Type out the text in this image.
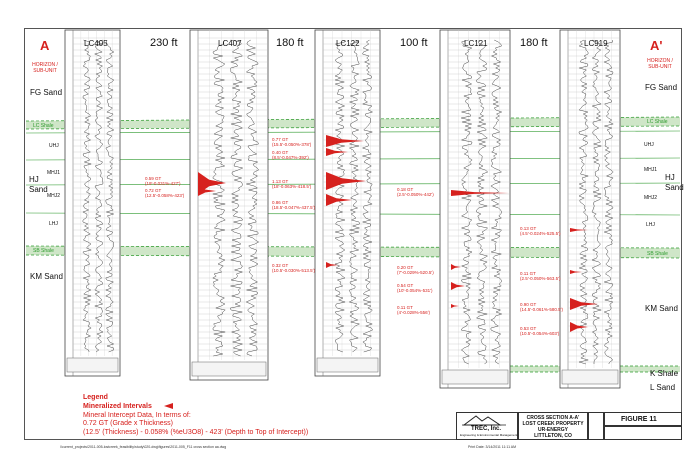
A	A'
HORIZON / SUB-UNIT
HORIZON / SUB-UNIT
LC405	LC407	LC122	LC121	LC919
230 ft	180 ft	100 ft	180 ft
FG Sand
LC Shale
UHJ
HJ Sand
MHJ1
MHJ2
LHJ
SB Shale
KM Sand
FG Sand
LC Shale
UHJ
MHJ1
HJ Sand
MHJ2
LHJ
SB Shale
KM Sand
K Shale
L Sand
0.59 GT
(19'-0.031%-427')
0.72 GT
(12.5'-0.058%-423')
0.77 GT
(15.5'-0.050%-378')
0.40 GT
(8.5'-0.047%-392')
1.13 GT
(18'-0.063%-418.5')
0.86 GT
(18.5'-0.047%-437.5')
0.32 GT
(10.5'-0.030%-513.5')
0.18 GT
(2.5'-0.050%-442')
0.20 GT
(7'-0.029%-520.5')
0.54 GT
(10'-0.054%-531')
0.11 GT
(4'-0.028%-556')
0.13 GT
(4.5'-0.024%-525.5')
0.11 GT
(2.5'-0.050%-563.5')
0.90 GT
(14.5'-0.061%-580.5')
0.53 GT
(10.5'-0.054%-603')
Legend
Mineralized Intervals
Mineral Intercept Data, In terms of:
0.72 GT (Grade x Thickness)
(12.5' (Thickness) - 0.058% (%eU3O8) - 423' (Depth to Top of Intercept))	TREC, Inc.
Engineering & Environmental Management
CROSS SECTION A-A'
LOST CREEK PROPERTY
UR-ENERGY
LITTLETON, CO
FIGURE 11
\\current_projects\2011-005-lostcreek_feasibility\study\020-dwg\figures\2011-005_F11 cross section aa.dwg	Print Date: 3/14/2011 11:11 AM
